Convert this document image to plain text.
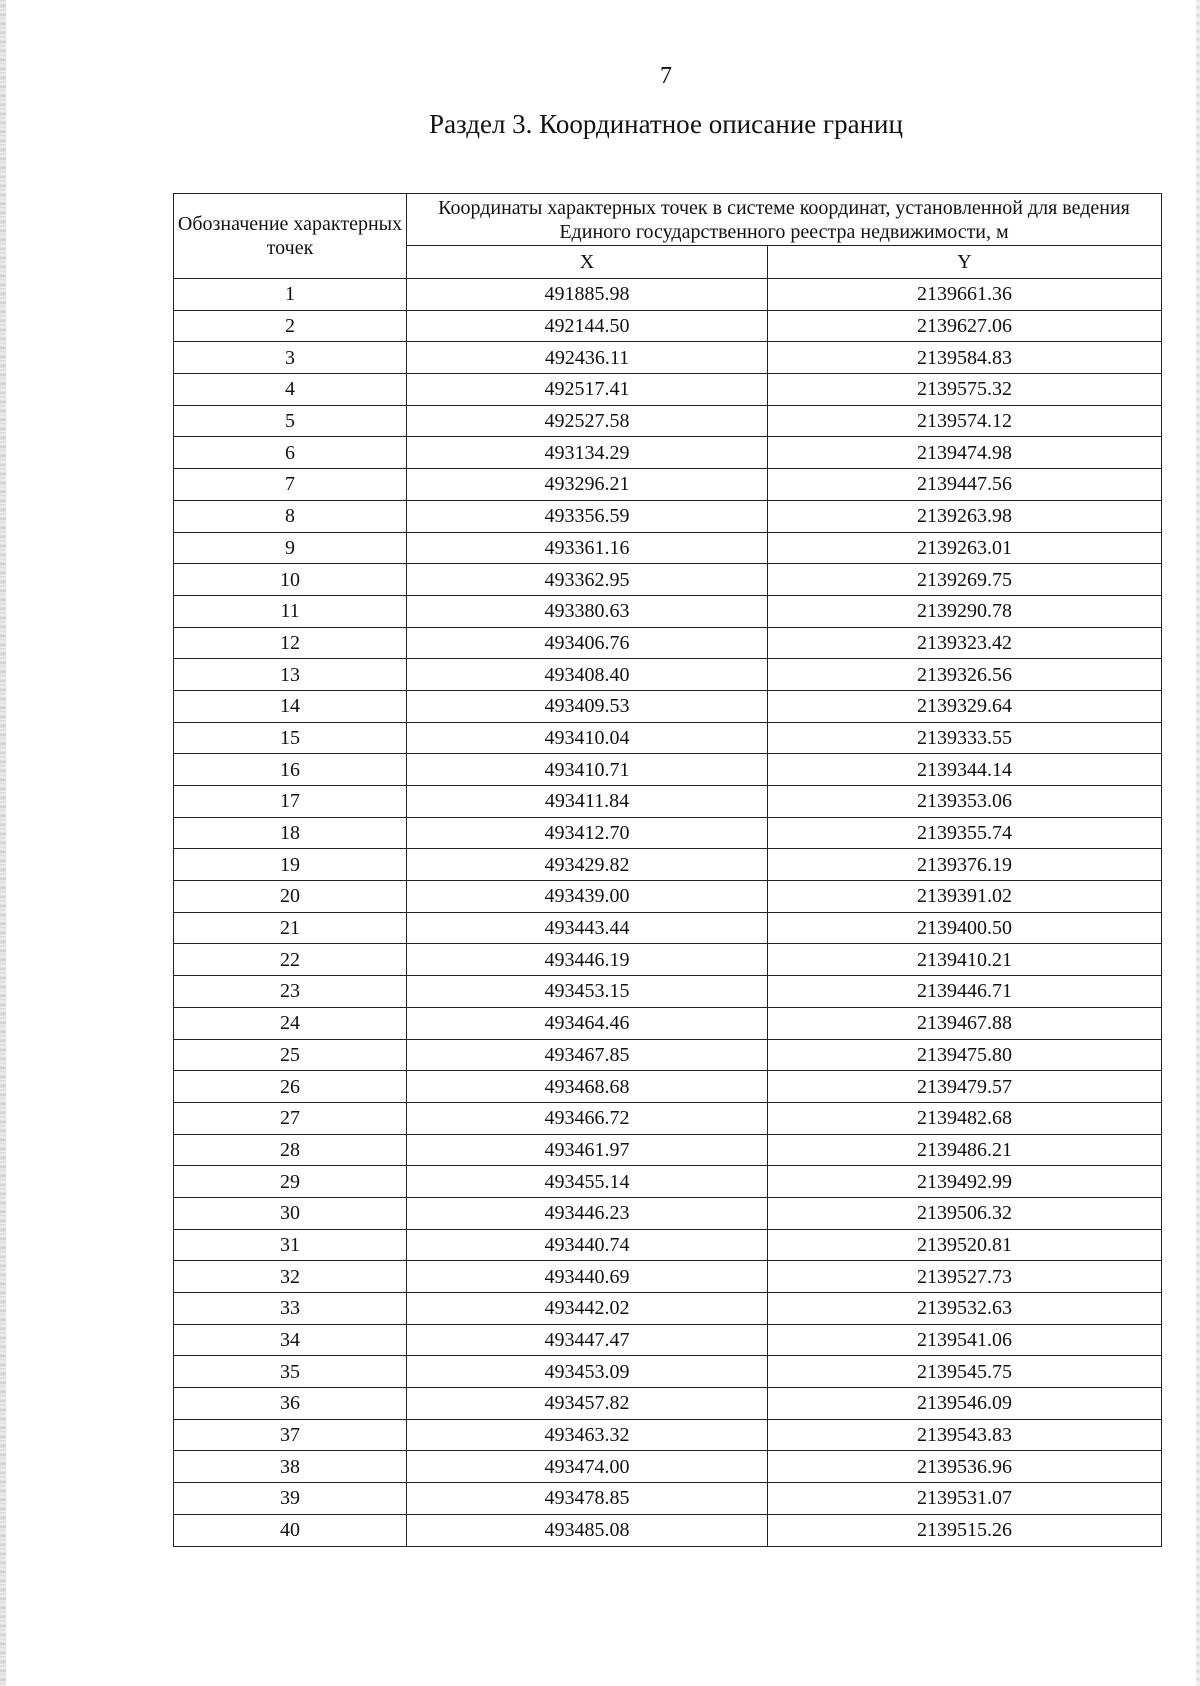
7
Раздел 3. Координатное описание границ
Обозначение характерных точек	Координаты характерных точек в системе координат, установленной для ведения Единого государственного реестра недвижимости, м	
	X	Y
1	491885.98	2139661.36
2	492144.50	2139627.06
3	492436.11	2139584.83
4	492517.41	2139575.32
5	492527.58	2139574.12
6	493134.29	2139474.98
7	493296.21	2139447.56
8	493356.59	2139263.98
9	493361.16	2139263.01
10	493362.95	2139269.75
11	493380.63	2139290.78
12	493406.76	2139323.42
13	493408.40	2139326.56
14	493409.53	2139329.64
15	493410.04	2139333.55
16	493410.71	2139344.14
17	493411.84	2139353.06
18	493412.70	2139355.74
19	493429.82	2139376.19
20	493439.00	2139391.02
21	493443.44	2139400.50
22	493446.19	2139410.21
23	493453.15	2139446.71
24	493464.46	2139467.88
25	493467.85	2139475.80
26	493468.68	2139479.57
27	493466.72	2139482.68
28	493461.97	2139486.21
29	493455.14	2139492.99
30	493446.23	2139506.32
31	493440.74	2139520.81
32	493440.69	2139527.73
33	493442.02	2139532.63
34	493447.47	2139541.06
35	493453.09	2139545.75
36	493457.82	2139546.09
37	493463.32	2139543.83
38	493474.00	2139536.96
39	493478.85	2139531.07
40	493485.08	2139515.26
